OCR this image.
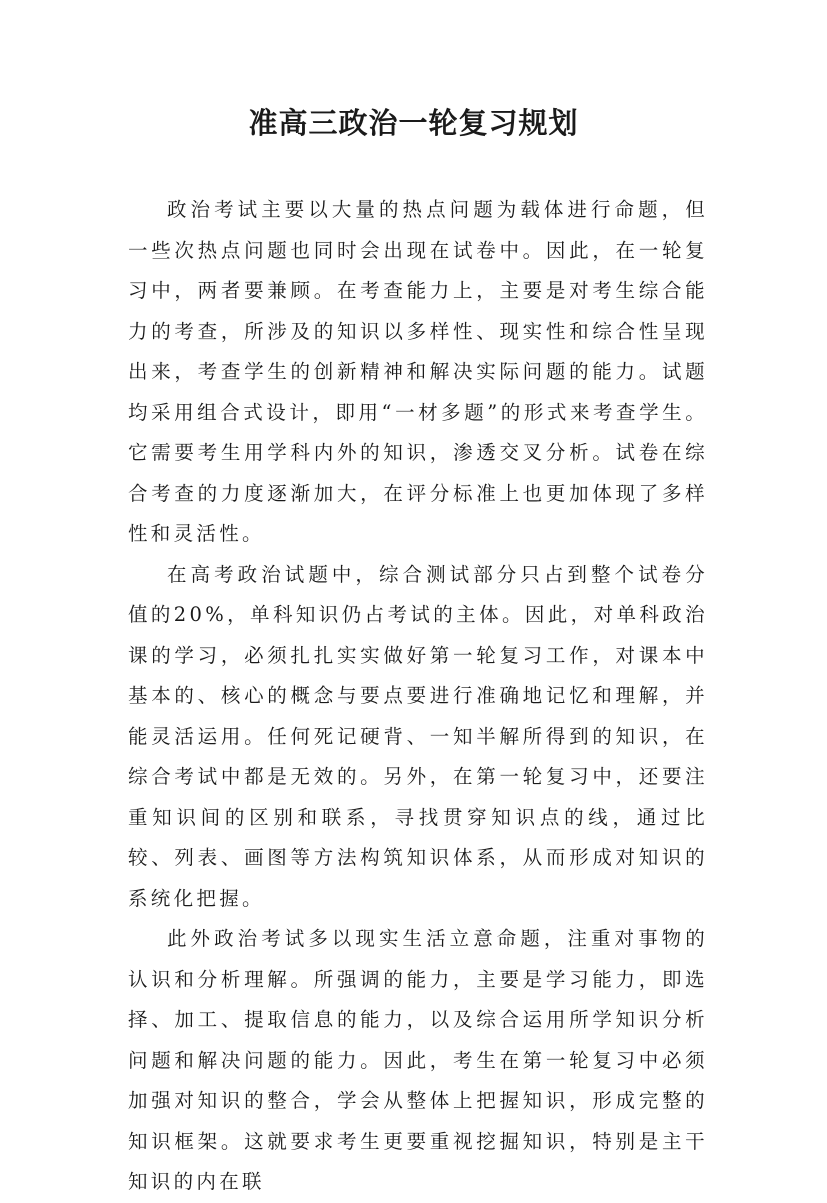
准高三政治一轮复习规划

政治考试主要以大量的热点问题为载体进行命题，但一些次热点问题也同时会出现在试卷中。因此，在一轮复习中，两者要兼顾。在考查能力上，主要是对考生综合能力的考查，所涉及的知识以多样性、现实性和综合性呈现出来，考查学生的创新精神和解决实际问题的能力。试题均采用组合式设计，即用“一材多题”的形式来考查学生。它需要考生用学科内外的知识，渗透交叉分析。试卷在综合考查的力度逐渐加大，在评分标准上也更加体现了多样性和灵活性。

在高考政治试题中，综合测试部分只占到整个试卷分值的20%，单科知识仍占考试的主体。因此，对单科政治课的学习，必须扎扎实实做好第一轮复习工作，对课本中基本的、核心的概念与要点要进行准确地记忆和理解，并能灵活运用。任何死记硬背、一知半解所得到的知识，在综合考试中都是无效的。另外，在第一轮复习中，还要注重知识间的区别和联系，寻找贯穿知识点的线，通过比较、列表、画图等方法构筑知识体系，从而形成对知识的系统化把握。

此外政治考试多以现实生活立意命题，注重对事物的认识和分析理解。所强调的能力，主要是学习能力，即选择、加工、提取信息的能力，以及综合运用所学知识分析问题和解决问题的能力。因此，考生在第一轮复习中必须加强对知识的整合，学会从整体上把握知识，形成完整的知识框架。这就要求考生更要重视挖掘知识，特别是主干知识的内在联
